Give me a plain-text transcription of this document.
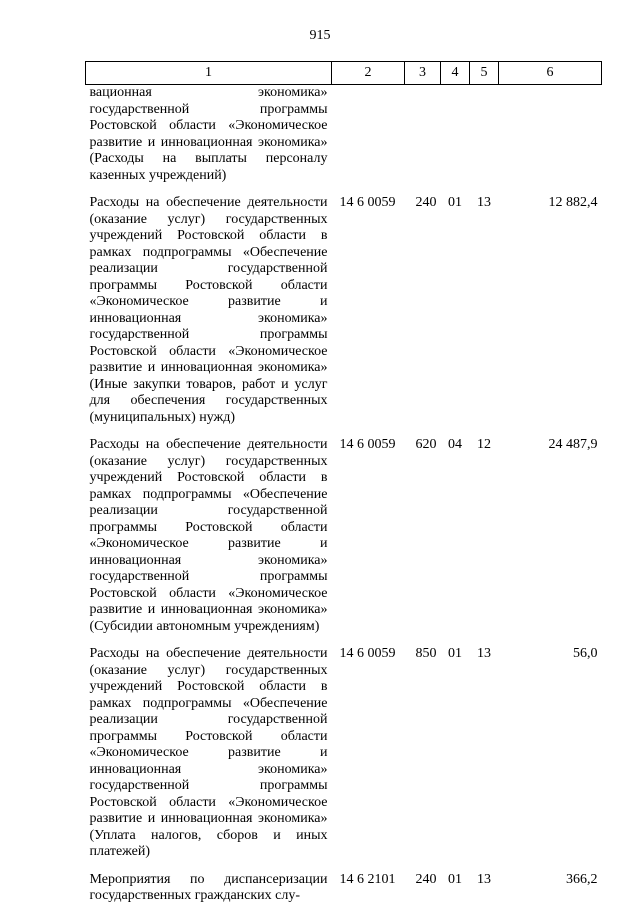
915
1	2	3	4	5	6
вационная экономика» государственной программы Ростовской области «Экономическое развитие и инновационная экономика» (Расходы на выплаты персоналу казенных учреждений)					
Расходы на обеспечение деятельности (оказание услуг) государственных учреждений Ростовской области в рамках подпрограммы «Обеспечение реализации государственной программы Ростовской области «Экономическое развитие и инновационная экономика» государственной программы Ростовской области «Экономическое развитие и инновационная экономика» (Иные закупки товаров, работ и услуг для обеспечения государственных (муниципальных) нужд)	14 6 0059	240	01	13	12 882,4
Расходы на обеспечение деятельности (оказание услуг) государственных учреждений Ростовской области в рамках подпрограммы «Обеспечение реализации государственной программы Ростовской области «Экономическое развитие и инновационная экономика» государственной программы Ростовской области «Экономическое развитие и инновационная экономика» (Субсидии автономным учреждениям)	14 6 0059	620	04	12	24 487,9
Расходы на обеспечение деятельности (оказание услуг) государственных учреждений Ростовской области в рамках подпрограммы «Обеспечение реализации государственной программы Ростовской области «Экономическое развитие и инновационная экономика» государственной программы Ростовской области «Экономическое развитие и инновационная экономика» (Уплата налогов, сборов и иных платежей)	14 6 0059	850	01	13	56,0
Мероприятия по диспансеризации государственных гражданских слу-	14 6 2101	240	01	13	366,2
